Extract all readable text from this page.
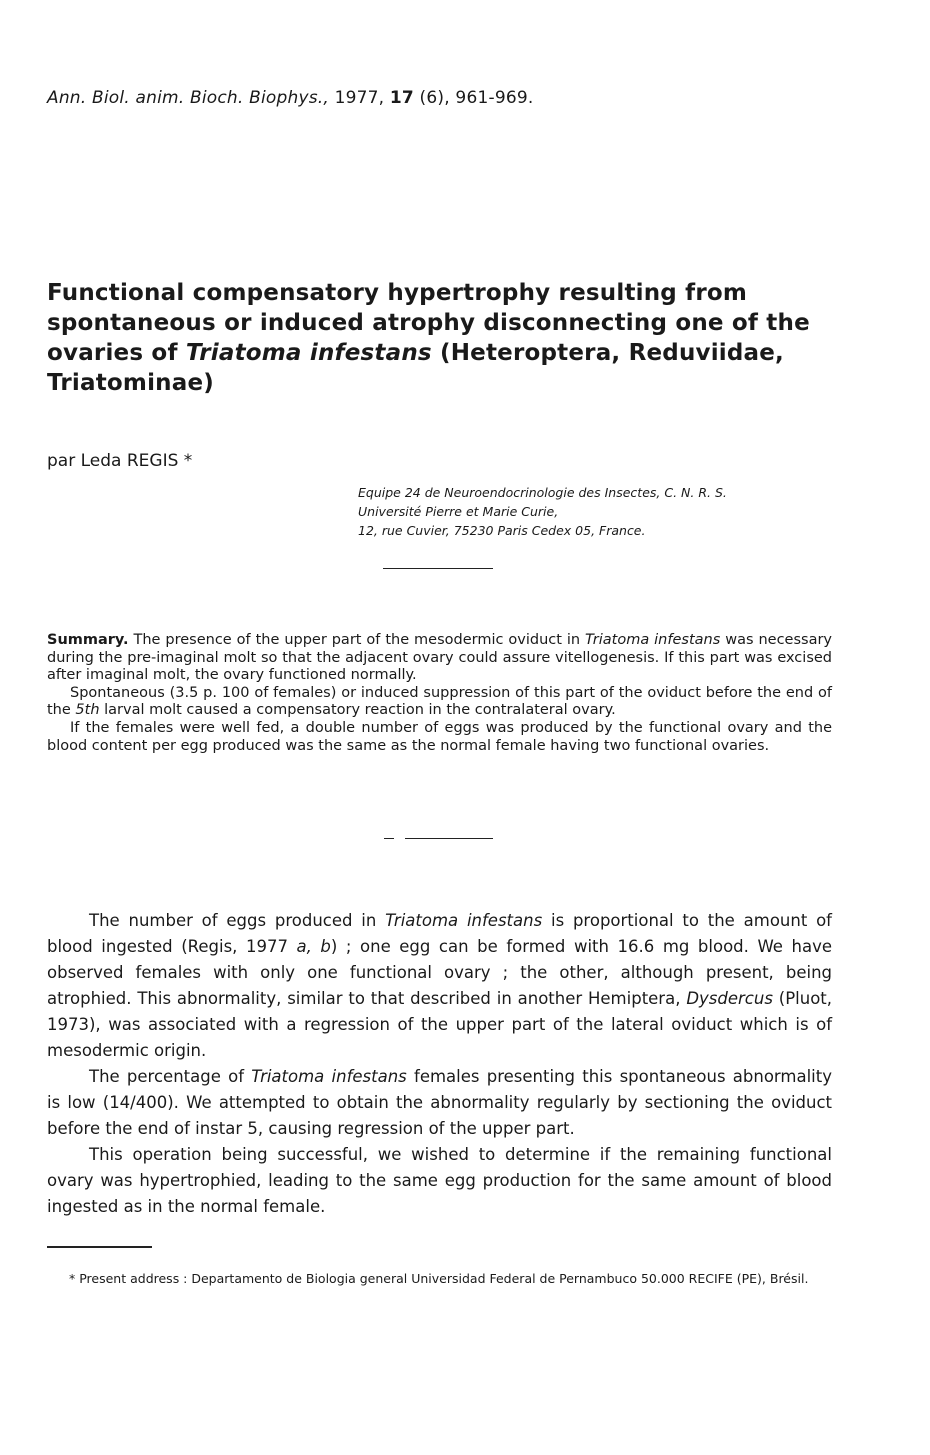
Ann. Biol. anim. Bioch. Biophys., 1977, 17 (6), 961-969.
Functional compensatory hypertrophy resulting from spontaneous or induced atrophy disconnecting one of the ovaries of Triatoma infestans (Heteroptera, Reduviidae, Triatominae)
par Leda REGIS *
Equipe 24 de Neuroendocrinologie des Insectes, C. N. R. S.
Université Pierre et Marie Curie,
12, rue Cuvier, 75230 Paris Cedex 05, France.

Summary. The presence of the upper part of the mesodermic oviduct in Triatoma infestans was necessary during the pre-imaginal molt so that the adjacent ovary could assure vitellogenesis. If this part was excised after imaginal molt, the ovary functioned normally.

Spontaneous (3.5 p. 100 of females) or induced suppression of this part of the oviduct before the end of the 5th larval molt caused a compensatory reaction in the contralateral ovary.

If the females were well fed, a double number of eggs was produced by the functional ovary and the blood content per egg produced was the same as the normal female having two functional ovaries.

The number of eggs produced in Triatoma infestans is proportional to the amount of blood ingested (Regis, 1977 a, b) ; one egg can be formed with 16.6 mg blood. We have observed females with only one functional ovary ; the other, although present, being atrophied. This abnormality, similar to that described in another Hemiptera, Dysdercus (Pluot, 1973), was associated with a regression of the upper part of the lateral oviduct which is of mesodermic origin.

The percentage of Triatoma infestans females presenting this spontaneous abnormality is low (14/400). We attempted to obtain the abnormality regularly by sectioning the oviduct before the end of instar 5, causing regression of the upper part.

This operation being successful, we wished to determine if the remaining functional ovary was hypertrophied, leading to the same egg production for the same amount of blood ingested as in the normal female.

* Present address : Departamento de Biologia general Universidad Federal de Pernambuco 50.000 RECIFE (PE), Brésil.
